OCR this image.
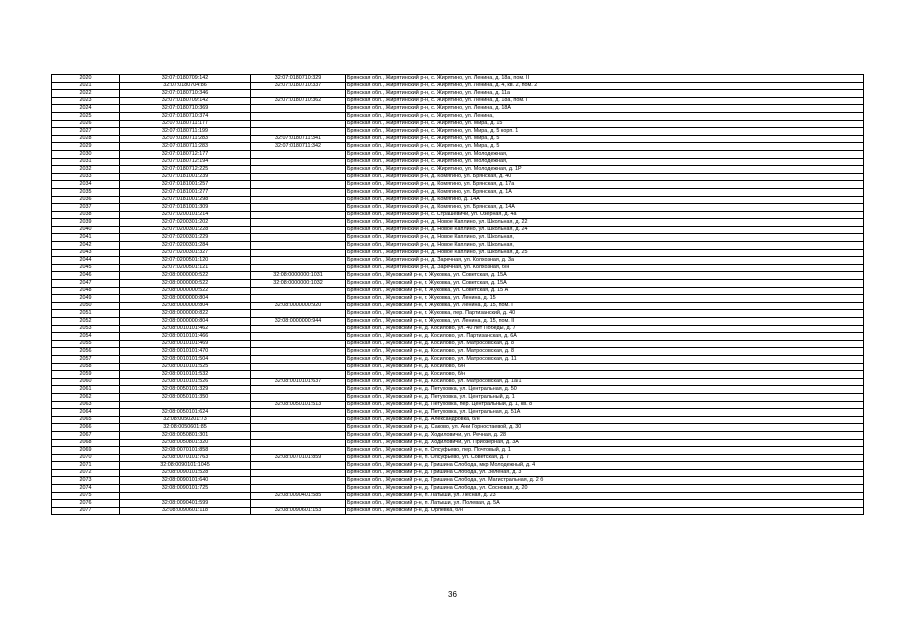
2020	32:07:0180709:142	32:07:0180710:329	Брянская обл., Жирятинский р-н, с. Жирятино, ул. Ленина, д. 18а, пом. II
2021	32:07:0180704:86	32:07:0180710:337	Брянская обл., Жирятинский р-н, с. Жирятино, ул. Ленина, д. 4, кв. 2, пом. 2
2022	32:07:0180710:346		Брянская обл., Жирятинский р-н, с. Жирятино, ул. Ленина, д. 11а
2023	32:07:0180709:142	32:07:0180710:362	Брянская обл., Жирятинский р-н, с. Жирятино, ул. Ленина, д. 18а, пом. I
2024	32:07:0180710:369		Брянская обл., Жирятинский р-н, с. Жирятино, ул. Ленина, д. 18А
2025	32:07:0180710:374		Брянская обл., Жирятинский р-н, с. Жирятино, ул. Ленина,
2026	32:07:0180711:177		Брянская обл., Жирятинский р-н, с. Жирятино, ул. Мира, д. 15
2027	32:07:0180711:199		Брянская обл., Жирятинский р-н, с. Жирятино, ул. Мира, д. 5 корп. 1
2028	32:07:0180711:283	32:07:0180711:341	Брянская обл., Жирятинский р-н, с. Жирятино, ул. Мира, д. 5
2029	32:07:0180711:283	32:07:0180711:342	Брянская обл., Жирятинский р-н, с. Жирятино, ул. Мира, д. 5
2030	32:07:0180712:177		Брянская обл., Жирятинский р-н, с. Жирятино, ул. Молодежная,
2031	32:07:0180712:194		Брянская обл., Жирятинский р-н, с. Жирятино, ул. Молодежная,
2032	32:07:0180712:225		Брянская обл., Жирятинский р-н, с. Жирятино, ул. Молодежная, д. 1Р
2033	32:07:0181001:239		Брянская обл., Жирятинский р-н, д. Комягино, ул. Брянская, д. 40
2034	32:07:0181001:257		Брянская обл., Жирятинский р-н, д. Комягино, ул. Брянская, д. 17а
2035	32:07:0181001:277		Брянская обл., Жирятинский р-н, д. Комягино, ул. Брянская, д. 1А
2036	32:07:0181001:298		Брянская обл., Жирятинский р-н, д. Комягино, д. 14А
2037	32:07:0181001:309		Брянская обл., Жирятинский р-н, д. Комягино, ул. Брянская, д. 14А
2038	32:07:0200101:214		Брянская обл., Жирятинский р-н, с. Страшевичи, ул. Озерная, д. 4а
2039	32:07:0200301:202		Брянская обл., Жирятинский р-н, д. Новое Каплино, ул. Школьная, д. 22
2040	32:07:0200301:228		Брянская обл., Жирятинский р-н, д. Новое Каплино, ул. Школьная, д. 24
2041	32:07:0200301:229		Брянская обл., Жирятинский р-н, д. Новое Каплино, ул. Школьная,
2042	32:07:0200301:284		Брянская обл., Жирятинский р-н, д. Новое Каплино, ул. Школьная,
2043	32:07:0200301:327		Брянская обл., Жирятинский р-н, д. Новое Каплино, ул. Школьная, д. 25
2044	32:07:0200501:120		Брянская обл., Жирятинский р-н, д. Заречная, ул. Колхозная, д. 3а
2045	32:07:0200501:121		Брянская обл., Жирятинский р-н, д. Заречная, ул. Колхозная, б/н
2046	32:08:0000000:522	32:08:0000000:1031	Брянская обл., Жуковский р-н, г. Жуковка, ул. Советская, д. 15А
2047	32:08:0000000:522	32:08:0000000:1032	Брянская обл., Жуковский р-н, г. Жуковка, ул. Советская, д. 15А
2048	32:08:0000000:522		Брянская обл., Жуковский р-н, г. Жуковка, ул. Советская, д. 15 А
2049	32:08:0000000:804		Брянская обл., Жуковский р-н, г. Жуковка, ул. Ленина, д. 15
2050	32:08:0000000:804	32:08:0000000:920	Брянская обл., Жуковский р-н, г. Жуковка, ул. Ленина, д. 15, пом. I
2051	32:08:0000000:822		Брянская обл., Жуковский р-н, г. Жуковка, пер. Партизанский, д. 40
2052	32:08:0000000:804	32:08:0000000:944	Брянская обл., Жуковский р-н, г. Жуковка, ул. Ленина, д. 15, пом. II
2053	32:08:0010101:462		Брянская обл., Жуковский р-н, д. Косилово, ул. 40 лет Победы, д. 7
2054	32:08:0010101:466		Брянская обл., Жуковский р-н, д. Косилово, ул. Партизанская, д. 6А
2055	32:08:0010101:469		Брянская обл., Жуковский р-н, д. Косилово, ул. Матросовская, д. 8
2056	32:08:0010101:470		Брянская обл., Жуковский р-н, д. Косилово, ул. Матросовская, д. 8
2057	32:08:0010101:504		Брянская обл., Жуковский р-н, д. Косилово, ул. Матросовская, д. 11
2058	32:08:0010101:525		Брянская обл., Жуковский р-н, д. Косилово, б/н
2059	32:08:0010101:532		Брянская обл., Жуковский р-н, д. Косилово, б/н
2060	32:08:0010101:526	32:08:0010101:637	Брянская обл., Жуковский р-н, д. Косилово, ул. Матросовская, д. 1а/1
2061	32:08:0050101:329		Брянская обл., Жуковский р-н, д. Петуховка, ул. Центральная, д. 50
2062	32:08:0050101:350		Брянская обл., Жуковский р-н, д. Петуховка, ул. Центральный, д. 1
2063		32:08:0050101:513	Брянская обл., Жуковский р-н, д. Петуховка, пер. Центральный, д. 1, кв. 8
2064	32:08:0050101:624		Брянская обл., Жуковский р-н, д. Петуховка, ул. Центральная, д. 51А
2065	32:08:0050201:73		Брянская обл., Жуковский р-н, д. Александровка, б/н
2066	32:08:0050601:85		Брянская обл., Жуковский р-н, д. Саково, ул. Ани Горностаевой, д. 30
2067	32:08:0050801:301		Брянская обл., Жуковский р-н, д. Ходиловичи, ул. Речная, д. 28
2068	32:08:0050801:320		Брянская обл., Жуковский р-н, д. Ходиловичи, ул. Приозерная, д. 3А
2069	32:08:0070101:858		Брянская обл., Жуковский р-н, п. Олсуфьево, пер. Почтовый, д. 1
2070	32:08:0070101:763	32:08:0070101:859	Брянская обл., Жуковский р-н, п. Олсуфьево, ул. Советская, д. 7
2071	32:08:0090101:1045		Брянская обл., Жуковский р-н, д. Гришина Слобода, мкр Молодежный, д. 4
2072	32:08:0090101:528		Брянская обл., Жуковский р-н, д. Гришина Слобода, ул. Зеленая, д. 3
2073	32:08:0090101:640		Брянская обл., Жуковский р-н, д. Гришина Слобода, ул. Магистральная, д. 2 б
2074	32:08:0090101:725		Брянская обл., Жуковский р-н, д. Гришина Слобода, ул. Сосновая, д. 20
2075		32:08:0090401:585	Брянская обл., Жуковский р-н, п. Латыши, ул. Лесная, д. 23
2076	32:08:0090401:599		Брянская обл., Жуковский р-н, п. Латыши, ул. Полевая, д. 5А
2077	32:08:0090601:118	32:08:0090601:153	Брянская обл., Жуковский р-н, д. Орлевка, б/н
36
